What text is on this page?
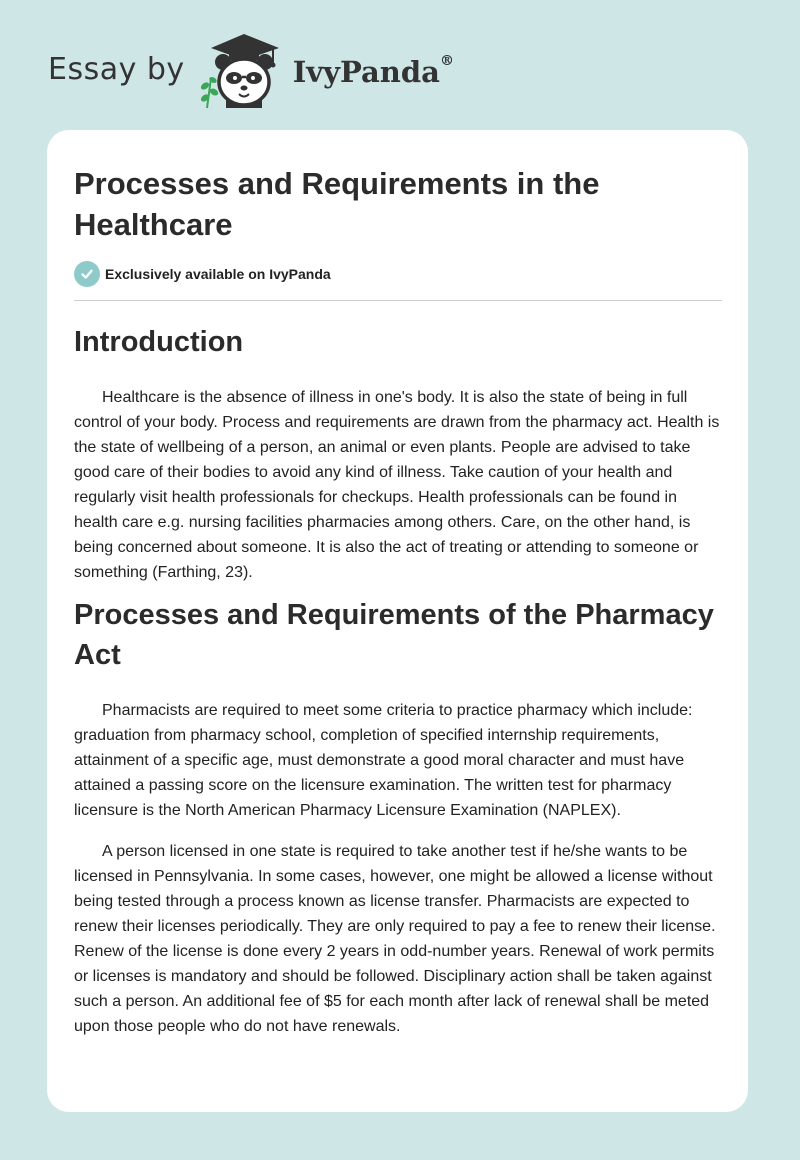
Essay by	IvyPanda®
Processes and Requirements in the Healthcare
Exclusively available on IvyPanda
Introduction

Healthcare is the absence of illness in one's body. It is also the state of being in full control of your body. Process and requirements are drawn from the pharmacy act. Health is the state of wellbeing of a person, an animal or even plants. People are advised to take good care of their bodies to avoid any kind of illness. Take caution of your health and regularly visit health professionals for checkups. Health professionals can be found in health care e.g. nursing facilities pharmacies among others. Care, on the other hand, is being concerned about someone. It is also the act of treating or attending to someone or something (Farthing, 23).

Processes and Requirements of the Pharmacy Act

Pharmacists are required to meet some criteria to practice pharmacy which include: graduation from pharmacy school, completion of specified internship requirements, attainment of a specific age, must demonstrate a good moral character and must have attained a passing score on the licensure examination. The written test for pharmacy licensure is the North American Pharmacy Licensure Examination (NAPLEX).

A person licensed in one state is required to take another test if he/she wants to be licensed in Pennsylvania. In some cases, however, one might be allowed a license without being tested through a process known as license transfer. Pharmacists are expected to renew their licenses periodically. They are only required to pay a fee to renew their license. Renew of the license is done every 2 years in odd-number years. Renewal of work permits or licenses is mandatory and should be followed. Disciplinary action shall be taken against such a person. An additional fee of $5 for each month after lack of renewal shall be meted upon those people who do not have renewals.
